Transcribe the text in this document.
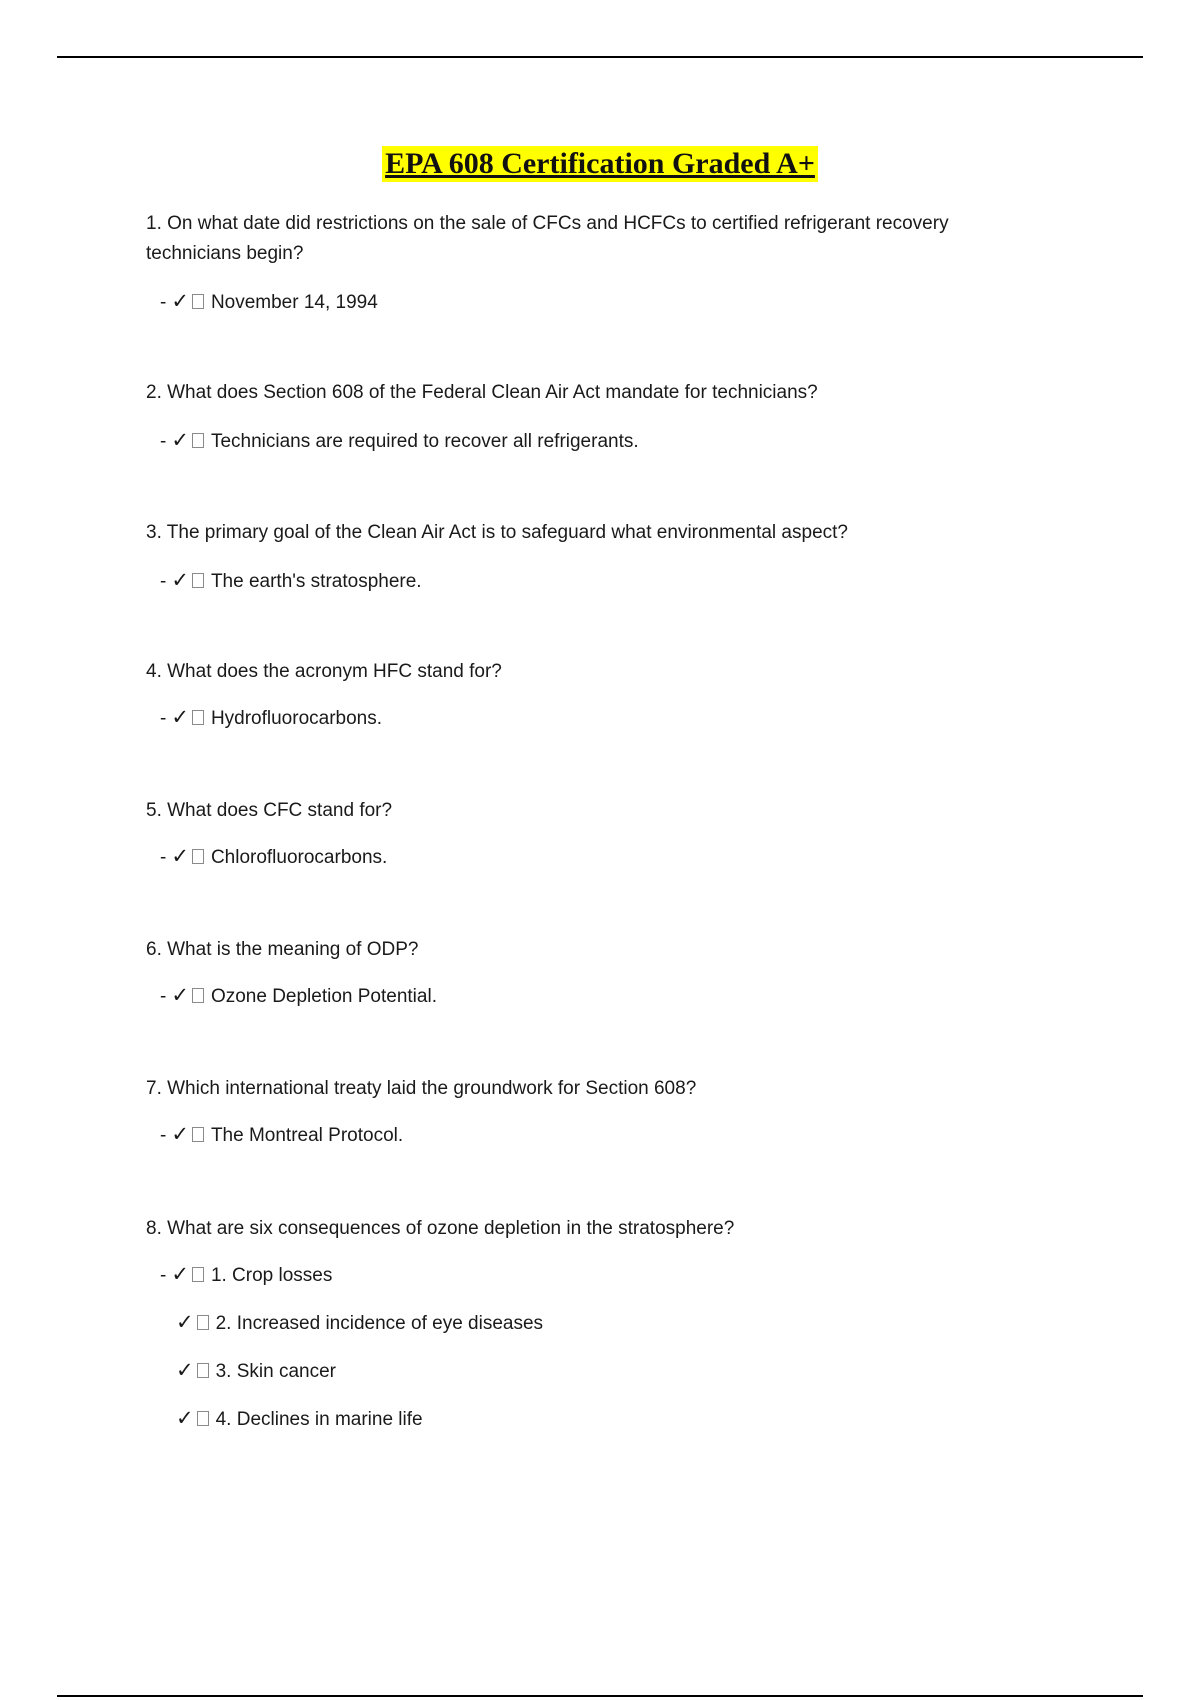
EPA 608 Certification Graded A+
1. On what date did restrictions on the sale of CFCs and HCFCs to certified refrigerant recovery technicians begin?
- ✓ November 14, 1994
2. What does Section 608 of the Federal Clean Air Act mandate for technicians?
- ✓ Technicians are required to recover all refrigerants.
3. The primary goal of the Clean Air Act is to safeguard what environmental aspect?
- ✓ The earth's stratosphere.
4. What does the acronym HFC stand for?
- ✓ Hydrofluorocarbons.
5. What does CFC stand for?
- ✓ Chlorofluorocarbons.
6. What is the meaning of ODP?
- ✓ Ozone Depletion Potential.
7. Which international treaty laid the groundwork for Section 608?
- ✓ The Montreal Protocol.
8. What are six consequences of ozone depletion in the stratosphere?
- ✓ 1. Crop losses
✓ 2. Increased incidence of eye diseases
✓ 3. Skin cancer
✓ 4. Declines in marine life
